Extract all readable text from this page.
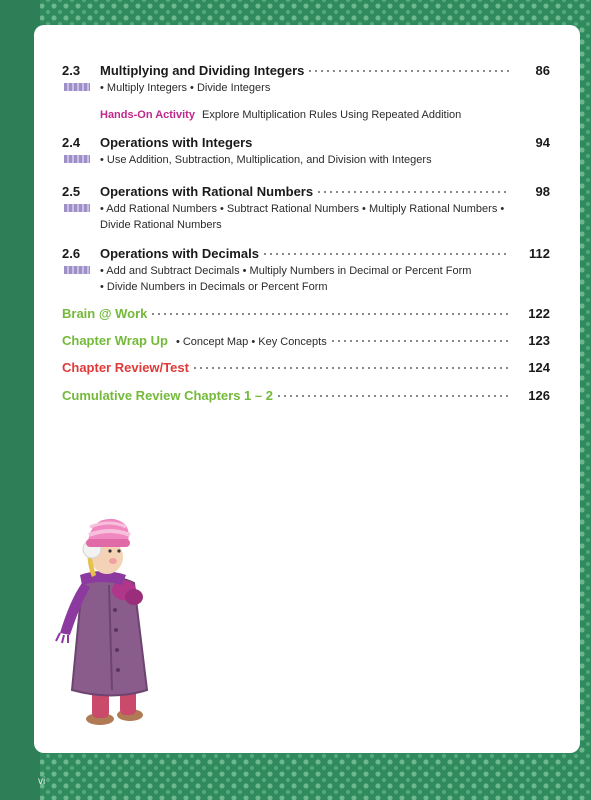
2.3 Multiplying and Dividing Integers	86
• Multiply Integers • Divide Integers
Hands-On Activity Explore Multiplication Rules Using Repeated Addition
2.4 Operations with Integers	94
• Use Addition, Subtraction, Multiplication, and Division with Integers
2.5 Operations with Rational Numbers	98
• Add Rational Numbers • Subtract Rational Numbers • Multiply Rational Numbers • Divide Rational Numbers
2.6 Operations with Decimals	112
• Add and Subtract Decimals • Multiply Numbers in Decimal or Percent Form
• Divide Numbers in Decimals or Percent Form
Brain @ Work	122
Chapter Wrap Up • Concept Map • Key Concepts	123
Chapter Review/Test	124
Cumulative Review Chapters 1 – 2	126
vi
